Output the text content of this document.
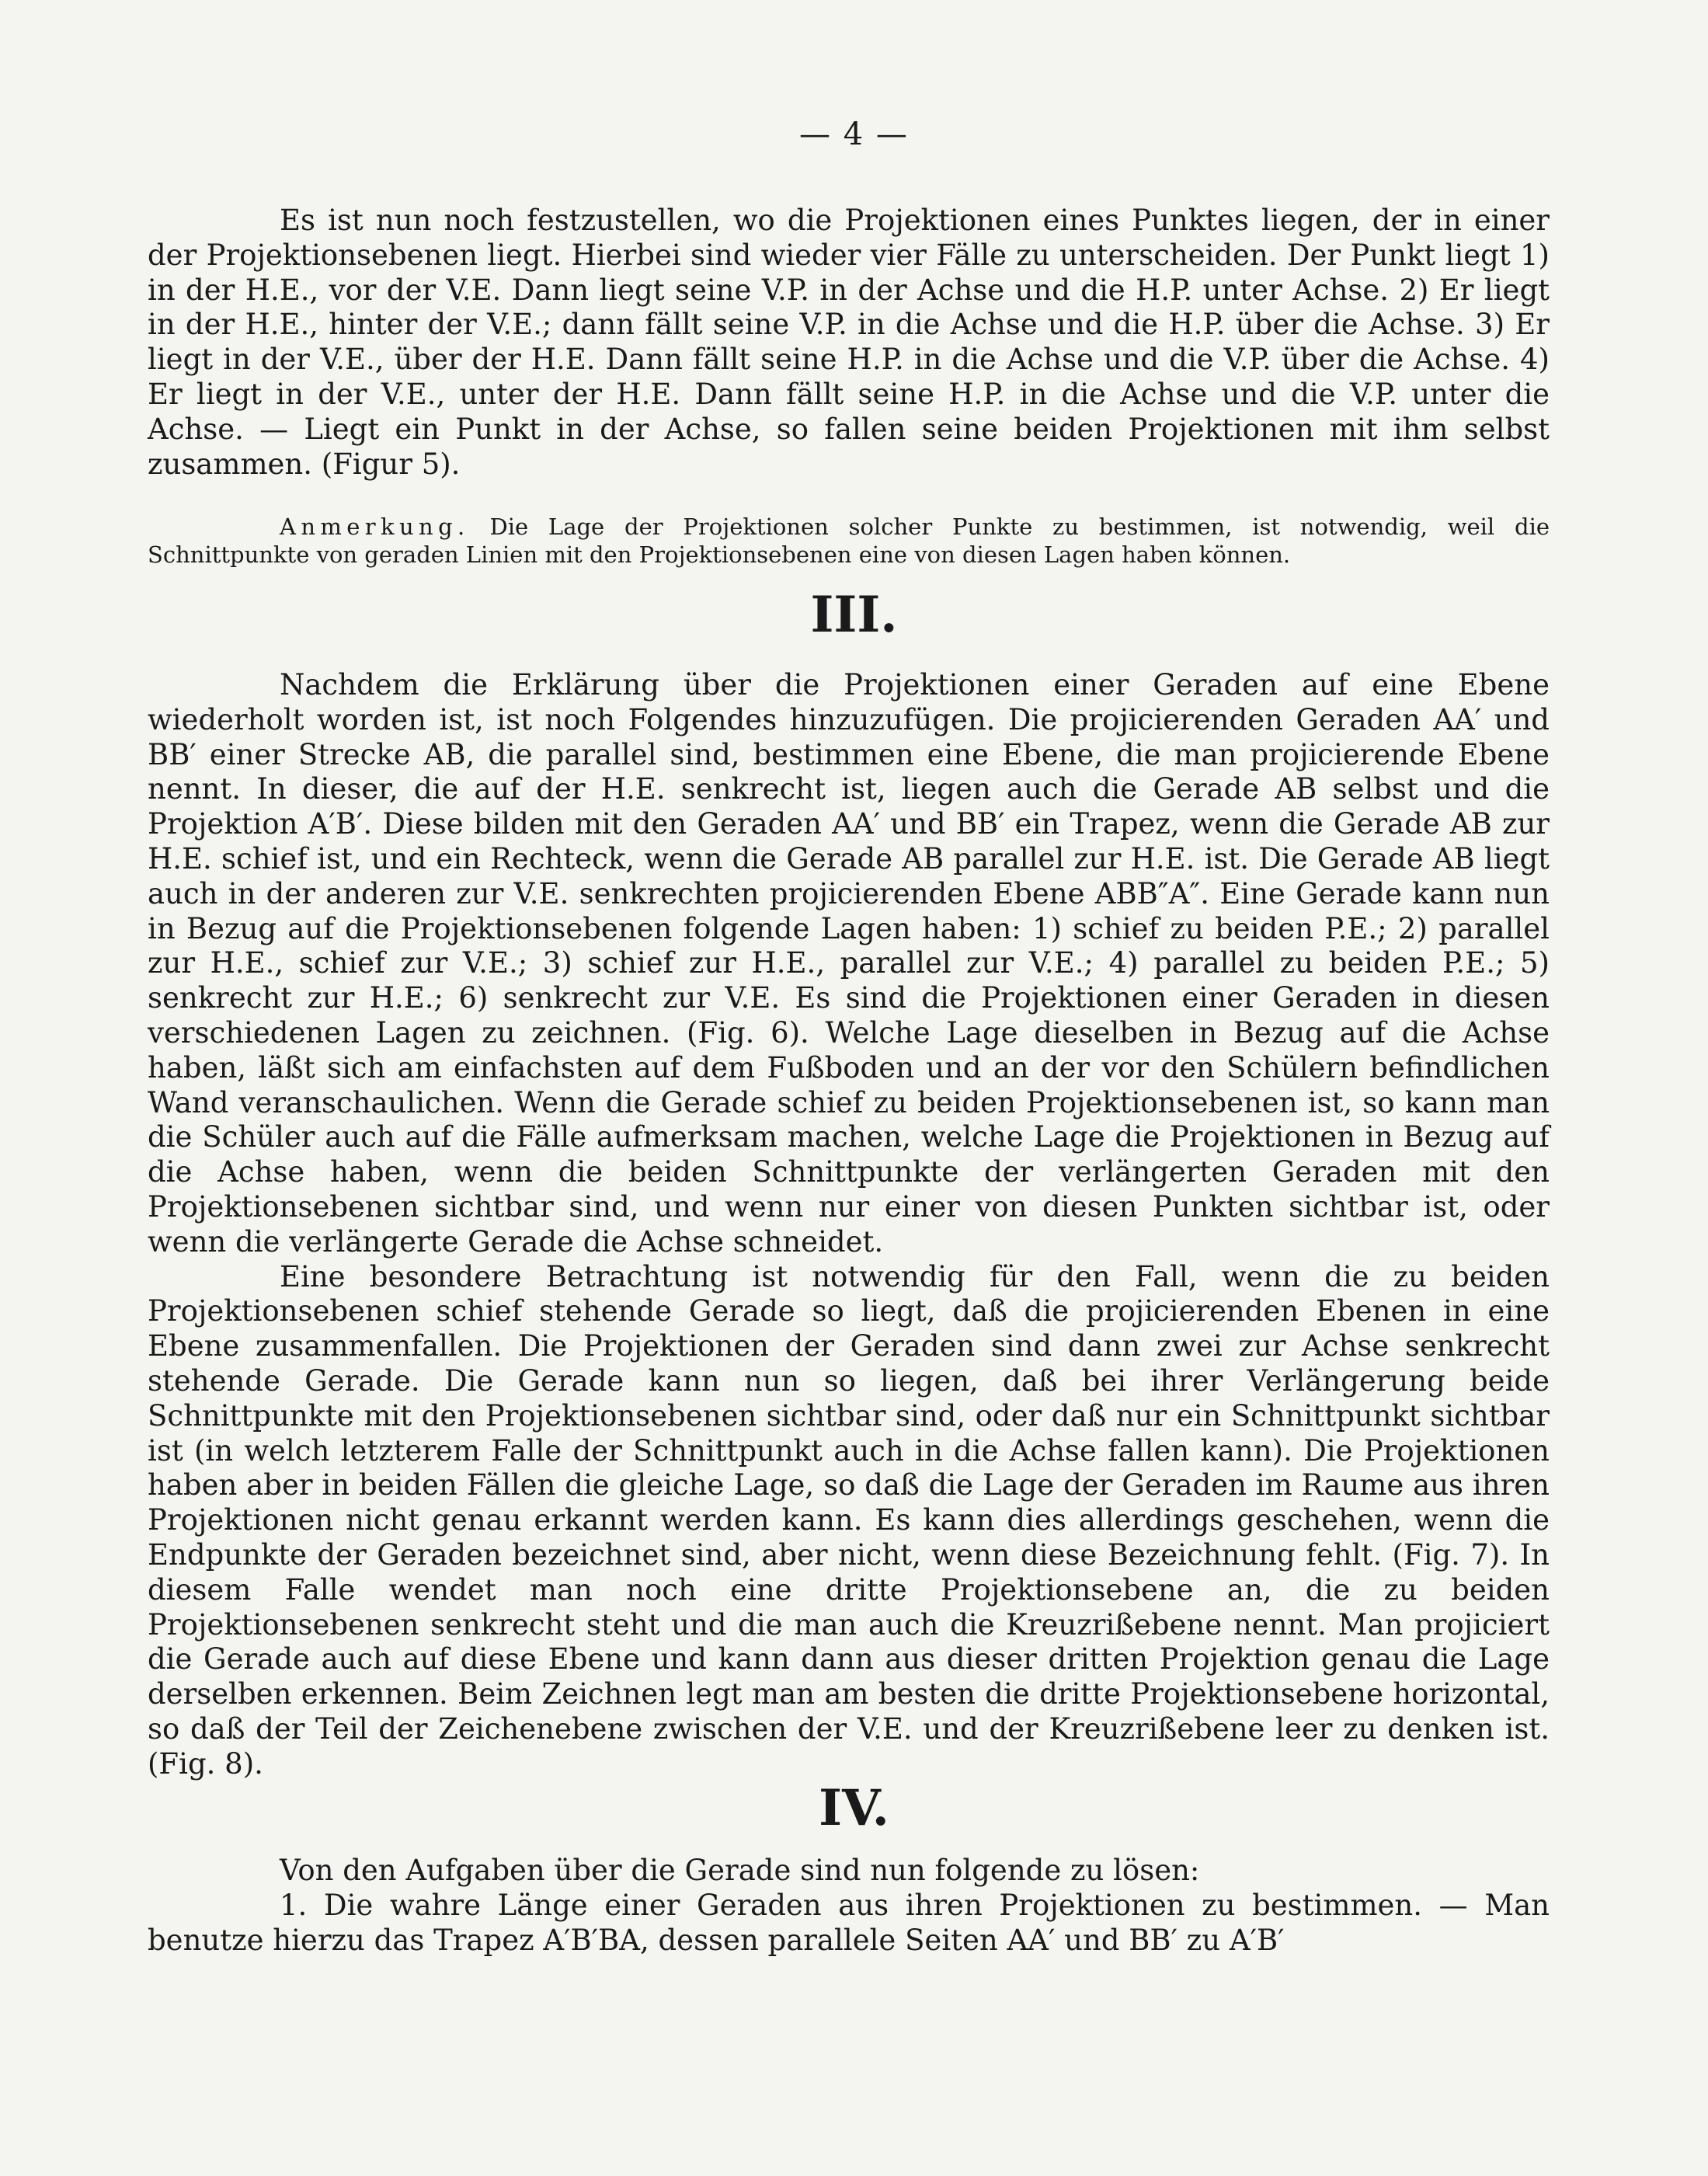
— 4 —

Es ist nun noch festzustellen, wo die Projektionen eines Punktes liegen, der in einer der Projektionsebenen liegt. Hierbei sind wieder vier Fälle zu unterscheiden. Der Punkt liegt 1) in der H.E., vor der V.E. Dann liegt seine V.P. in der Achse und die H.P. unter Achse. 2) Er liegt in der H.E., hinter der V.E.; dann fällt seine V.P. in die Achse und die H.P. über die Achse. 3) Er liegt in der V.E., über der H.E. Dann fällt seine H.P. in die Achse und die V.P. über die Achse. 4) Er liegt in der V.E., unter der H.E. Dann fällt seine H.P. in die Achse und die V.P. unter die Achse. — Liegt ein Punkt in der Achse, so fallen seine beiden Projektionen mit ihm selbst zusammen. (Figur 5).

Anmerkung. Die Lage der Projektionen solcher Punkte zu bestimmen, ist notwendig, weil die Schnittpunkte von geraden Linien mit den Projektionsebenen eine von diesen Lagen haben können.

III.

Nachdem die Erklärung über die Projektionen einer Geraden auf eine Ebene wiederholt worden ist, ist noch Folgendes hinzuzufügen. Die projicierenden Geraden AA′ und BB′ einer Strecke AB, die parallel sind, bestimmen eine Ebene, die man projicierende Ebene nennt. In dieser, die auf der H.E. senkrecht ist, liegen auch die Gerade AB selbst und die Projektion A′B′. Diese bilden mit den Geraden AA′ und BB′ ein Trapez, wenn die Gerade AB zur H.E. schief ist, und ein Rechteck, wenn die Gerade AB parallel zur H.E. ist. Die Gerade AB liegt auch in der anderen zur V.E. senkrechten projicierenden Ebene ABB″A″. Eine Gerade kann nun in Bezug auf die Projektionsebenen folgende Lagen haben: 1) schief zu beiden P.E.; 2) parallel zur H.E., schief zur V.E.; 3) schief zur H.E., parallel zur V.E.; 4) parallel zu beiden P.E.; 5) senkrecht zur H.E.; 6) senkrecht zur V.E. Es sind die Projektionen einer Geraden in diesen verschiedenen Lagen zu zeichnen. (Fig. 6). Welche Lage dieselben in Bezug auf die Achse haben, läßt sich am einfachsten auf dem Fußboden und an der vor den Schülern befindlichen Wand veranschaulichen. Wenn die Gerade schief zu beiden Projektionsebenen ist, so kann man die Schüler auch auf die Fälle aufmerksam machen, welche Lage die Projektionen in Bezug auf die Achse haben, wenn die beiden Schnittpunkte der verlängerten Geraden mit den Projektionsebenen sichtbar sind, und wenn nur einer von diesen Punkten sichtbar ist, oder wenn die verlängerte Gerade die Achse schneidet.

Eine besondere Betrachtung ist notwendig für den Fall, wenn die zu beiden Projektionsebenen schief stehende Gerade so liegt, daß die projicierenden Ebenen in eine Ebene zusammenfallen. Die Projektionen der Geraden sind dann zwei zur Achse senkrecht stehende Gerade. Die Gerade kann nun so liegen, daß bei ihrer Verlängerung beide Schnittpunkte mit den Projektionsebenen sichtbar sind, oder daß nur ein Schnittpunkt sichtbar ist (in welch letzterem Falle der Schnittpunkt auch in die Achse fallen kann). Die Projektionen haben aber in beiden Fällen die gleiche Lage, so daß die Lage der Geraden im Raume aus ihren Projektionen nicht genau erkannt werden kann. Es kann dies allerdings geschehen, wenn die Endpunkte der Geraden bezeichnet sind, aber nicht, wenn diese Bezeichnung fehlt. (Fig. 7). In diesem Falle wendet man noch eine dritte Projektionsebene an, die zu beiden Projektionsebenen senkrecht steht und die man auch die Kreuzrißebene nennt. Man projiciert die Gerade auch auf diese Ebene und kann dann aus dieser dritten Projektion genau die Lage derselben erkennen. Beim Zeichnen legt man am besten die dritte Projektionsebene horizontal, so daß der Teil der Zeichenebene zwischen der V.E. und der Kreuzrißebene leer zu denken ist. (Fig. 8).

IV.

Von den Aufgaben über die Gerade sind nun folgende zu lösen:

1. Die wahre Länge einer Geraden aus ihren Projektionen zu bestimmen. — Man benutze hierzu das Trapez A′B′BA, dessen parallele Seiten AA′ und BB′ zu A′B′
